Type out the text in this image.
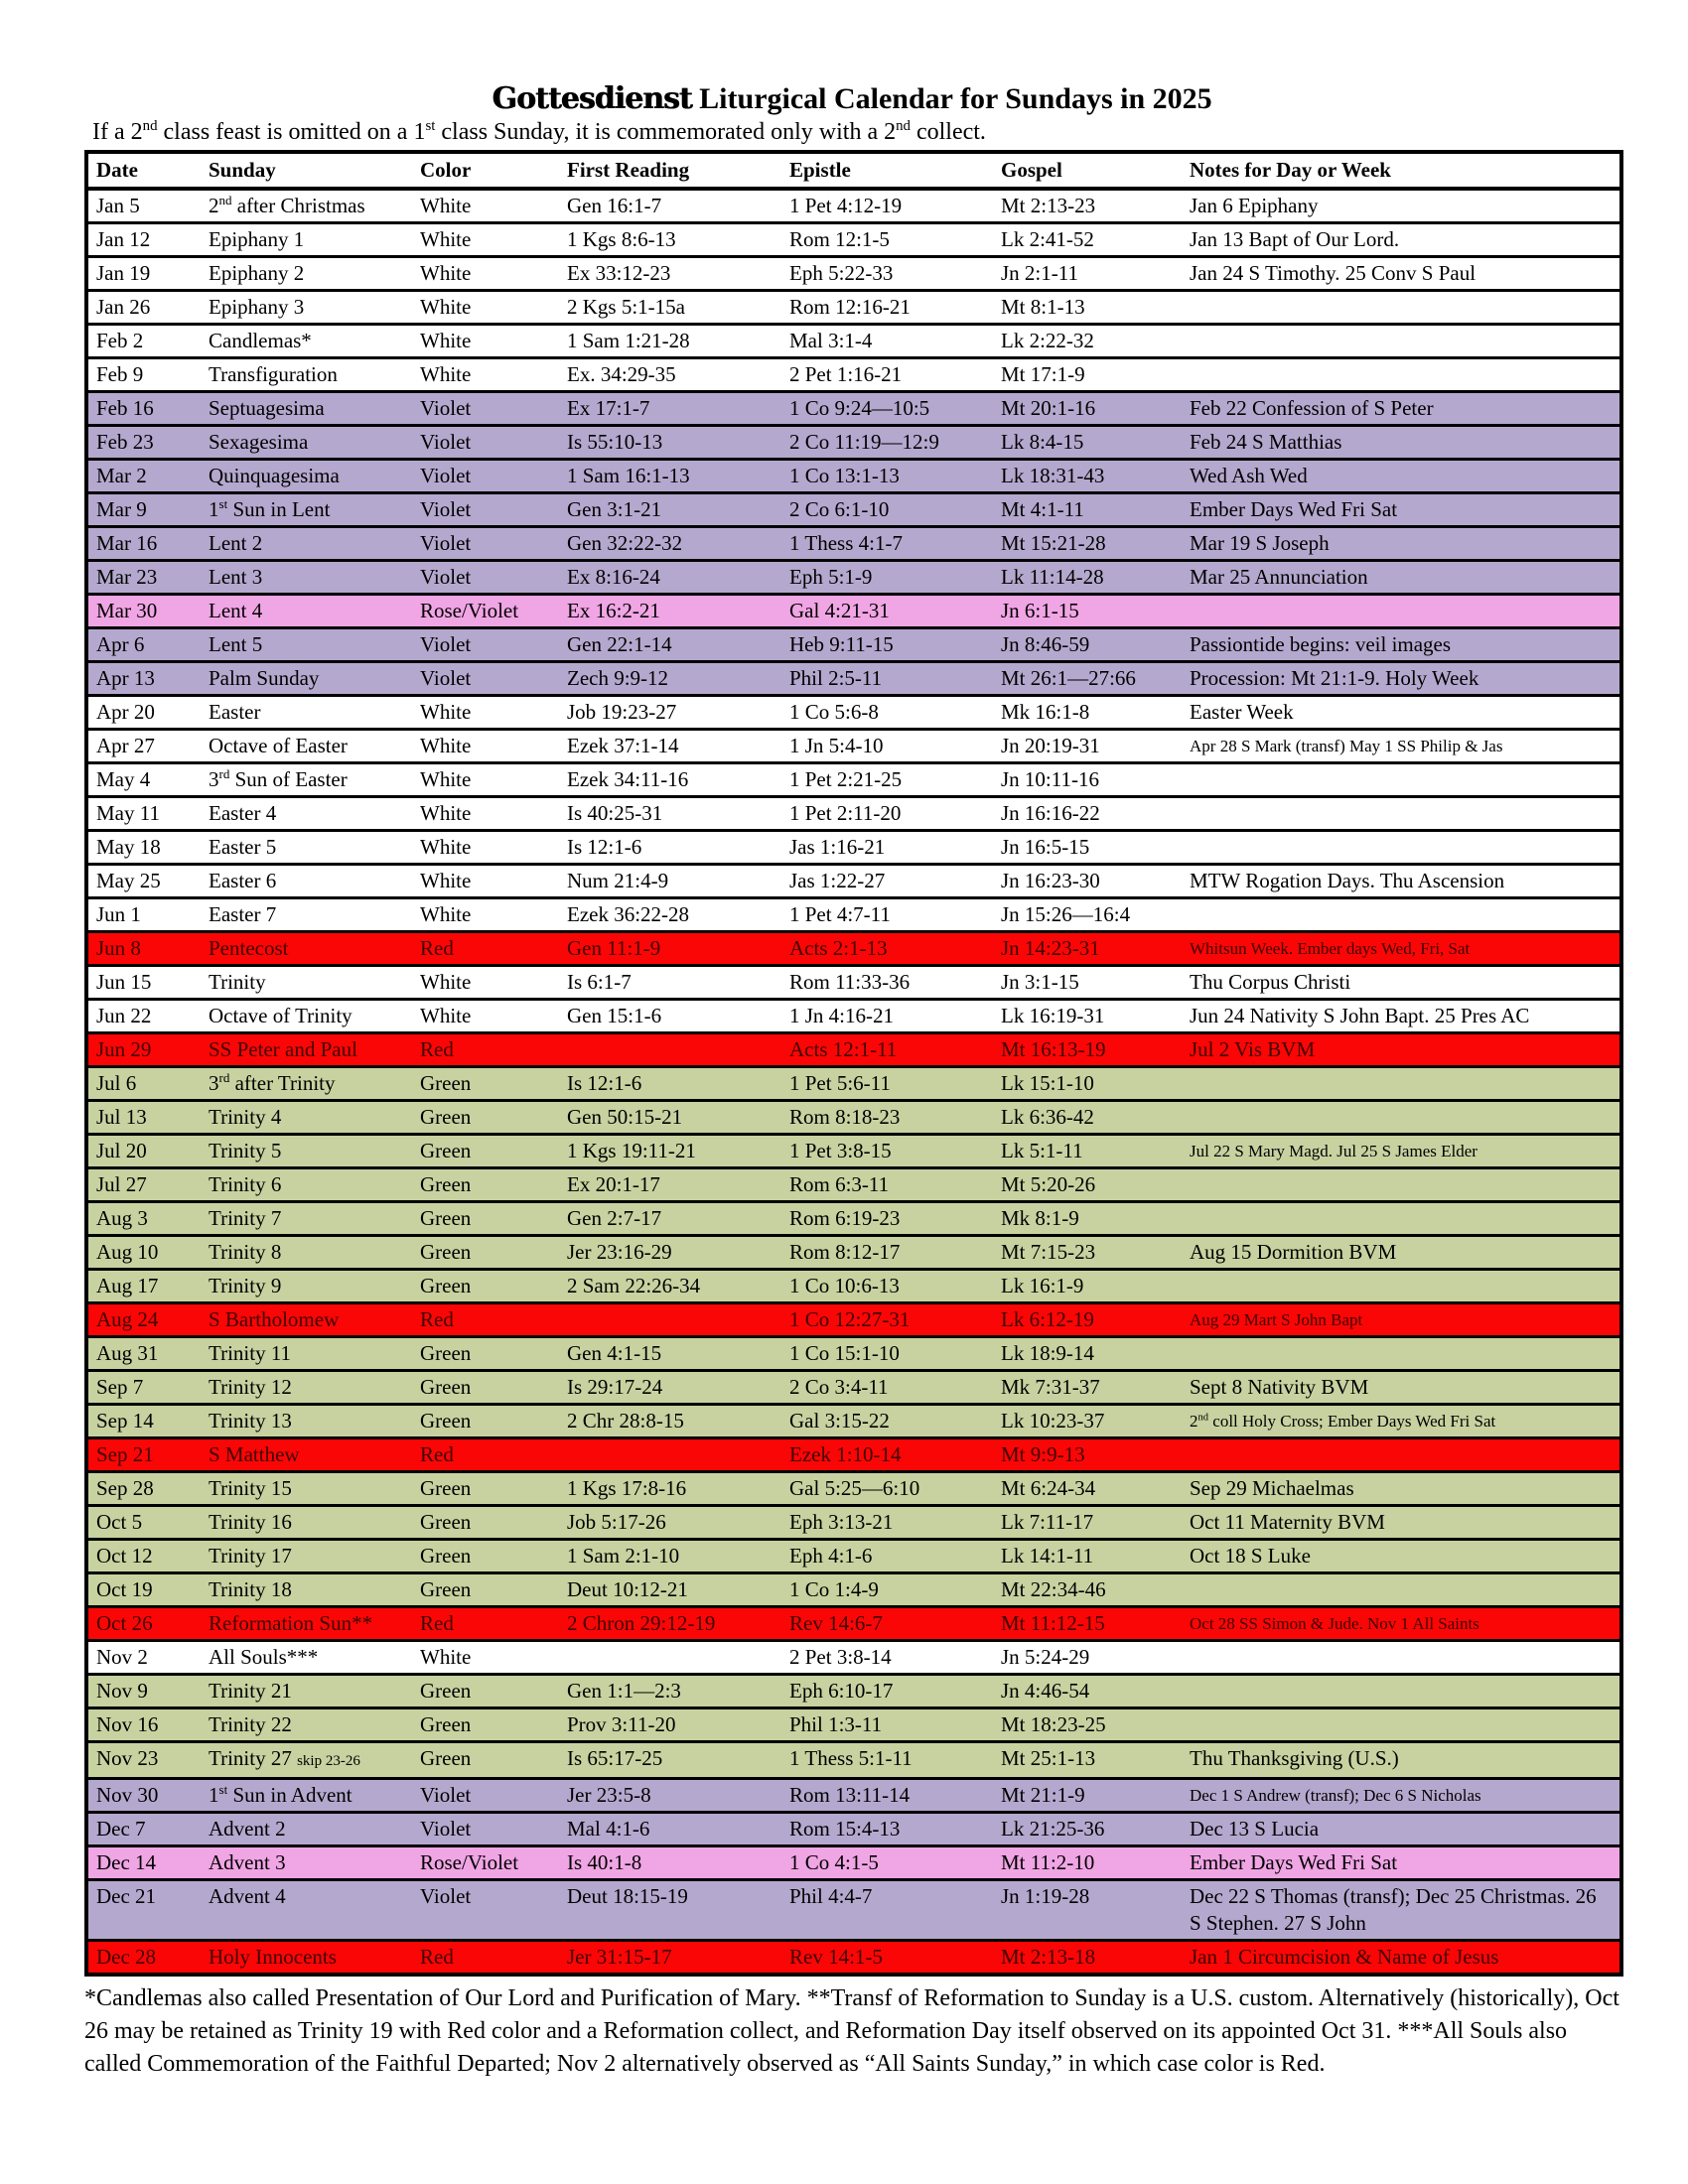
Gottesdienst Liturgical Calendar for Sundays in 2025

If a 2nd class feast is omitted on a 1st class Sunday, it is commemorated only with a 2nd collect.

Date	Sunday	Color	First Reading	Epistle	Gospel	Notes for Day or Week
Jan 5	2nd after Christmas	White	Gen 16:1-7	1 Pet 4:12-19	Mt 2:13-23	Jan 6 Epiphany
Jan 12	Epiphany 1	White	1 Kgs 8:6-13	Rom 12:1-5	Lk 2:41-52	Jan 13 Bapt of Our Lord.
Jan 19	Epiphany 2	White	Ex 33:12-23	Eph 5:22-33	Jn 2:1-11	Jan 24 S Timothy. 25 Conv S Paul
Jan 26	Epiphany 3	White	2 Kgs 5:1-15a	Rom 12:16-21	Mt 8:1-13	
Feb 2	Candlemas*	White	1 Sam 1:21-28	Mal 3:1-4	Lk 2:22-32	
Feb 9	Transfiguration	White	Ex. 34:29-35	2 Pet 1:16-21	Mt 17:1-9	
Feb 16	Septuagesima	Violet	Ex 17:1-7	1 Co 9:24—10:5	Mt 20:1-16	Feb 22 Confession of S Peter
Feb 23	Sexagesima	Violet	Is 55:10-13	2 Co 11:19—12:9	Lk 8:4-15	Feb 24 S Matthias
Mar 2	Quinquagesima	Violet	1 Sam 16:1-13	1 Co 13:1-13	Lk 18:31-43	Wed Ash Wed
Mar 9	1st Sun in Lent	Violet	Gen 3:1-21	2 Co 6:1-10	Mt 4:1-11	Ember Days Wed Fri Sat
Mar 16	Lent 2	Violet	Gen 32:22-32	1 Thess 4:1-7	Mt 15:21-28	Mar 19 S Joseph
Mar 23	Lent 3	Violet	Ex 8:16-24	Eph 5:1-9	Lk 11:14-28	Mar 25 Annunciation
Mar 30	Lent 4	Rose/Violet	Ex 16:2-21	Gal 4:21-31	Jn 6:1-15	
Apr 6	Lent 5	Violet	Gen 22:1-14	Heb 9:11-15	Jn 8:46-59	Passiontide begins: veil images
Apr 13	Palm Sunday	Violet	Zech 9:9-12	Phil 2:5-11	Mt 26:1—27:66	Procession: Mt 21:1-9. Holy Week
Apr 20	Easter	White	Job 19:23-27	1 Co 5:6-8	Mk 16:1-8	Easter Week
Apr 27	Octave of Easter	White	Ezek 37:1-14	1 Jn 5:4-10	Jn 20:19-31	Apr 28 S Mark (transf) May 1 SS Philip & Jas
May 4	3rd Sun of Easter	White	Ezek 34:11-16	1 Pet 2:21-25	Jn 10:11-16	
May 11	Easter 4	White	Is 40:25-31	1 Pet 2:11-20	Jn 16:16-22	
May 18	Easter 5	White	Is 12:1-6	Jas 1:16-21	Jn 16:5-15	
May 25	Easter 6	White	Num 21:4-9	Jas 1:22-27	Jn 16:23-30	MTW Rogation Days. Thu Ascension
Jun 1	Easter 7	White	Ezek 36:22-28	1 Pet 4:7-11	Jn 15:26—16:4	
Jun 8	Pentecost	Red	Gen 11:1-9	Acts 2:1-13	Jn 14:23-31	Whitsun Week. Ember days Wed, Fri, Sat
Jun 15	Trinity	White	Is 6:1-7	Rom 11:33-36	Jn 3:1-15	Thu Corpus Christi
Jun 22	Octave of Trinity	White	Gen 15:1-6	1 Jn 4:16-21	Lk 16:19-31	Jun 24 Nativity S John Bapt. 25 Pres AC
Jun 29	SS Peter and Paul	Red		Acts 12:1-11	Mt 16:13-19	Jul 2 Vis BVM
Jul 6	3rd after Trinity	Green	Is 12:1-6	1 Pet 5:6-11	Lk 15:1-10	
Jul 13	Trinity 4	Green	Gen 50:15-21	Rom 8:18-23	Lk 6:36-42	
Jul 20	Trinity 5	Green	1 Kgs 19:11-21	1 Pet 3:8-15	Lk 5:1-11	Jul 22 S Mary Magd. Jul 25 S James Elder
Jul 27	Trinity 6	Green	Ex 20:1-17	Rom 6:3-11	Mt 5:20-26	
Aug 3	Trinity 7	Green	Gen 2:7-17	Rom 6:19-23	Mk 8:1-9	
Aug 10	Trinity 8	Green	Jer 23:16-29	Rom 8:12-17	Mt 7:15-23	Aug 15 Dormition BVM
Aug 17	Trinity 9	Green	2 Sam 22:26-34	1 Co 10:6-13	Lk 16:1-9	
Aug 24	S Bartholomew	Red		1 Co 12:27-31	Lk 6:12-19	Aug 29 Mart S John Bapt
Aug 31	Trinity 11	Green	Gen 4:1-15	1 Co 15:1-10	Lk 18:9-14	
Sep 7	Trinity 12	Green	Is 29:17-24	2 Co 3:4-11	Mk 7:31-37	Sept 8 Nativity BVM
Sep 14	Trinity 13	Green	2 Chr 28:8-15	Gal 3:15-22	Lk 10:23-37	2nd coll Holy Cross; Ember Days Wed Fri Sat
Sep 21	S Matthew	Red		Ezek 1:10-14	Mt 9:9-13	
Sep 28	Trinity 15	Green	1 Kgs 17:8-16	Gal 5:25—6:10	Mt 6:24-34	Sep 29 Michaelmas
Oct 5	Trinity 16	Green	Job 5:17-26	Eph 3:13-21	Lk 7:11-17	Oct 11 Maternity BVM
Oct 12	Trinity 17	Green	1 Sam 2:1-10	Eph 4:1-6	Lk 14:1-11	Oct 18 S Luke
Oct 19	Trinity 18	Green	Deut 10:12-21	1 Co 1:4-9	Mt 22:34-46	
Oct 26	Reformation Sun**	Red	2 Chron 29:12-19	Rev 14:6-7	Mt 11:12-15	Oct 28 SS Simon & Jude. Nov 1 All Saints
Nov 2	All Souls***	White		2 Pet 3:8-14	Jn 5:24-29	
Nov 9	Trinity 21	Green	Gen 1:1—2:3	Eph 6:10-17	Jn 4:46-54	
Nov 16	Trinity 22	Green	Prov 3:11-20	Phil 1:3-11	Mt 18:23-25	
Nov 23	Trinity 27 skip 23-26	Green	Is 65:17-25	1 Thess 5:1-11	Mt 25:1-13	Thu Thanksgiving (U.S.)
Nov 30	1st Sun in Advent	Violet	Jer 23:5-8	Rom 13:11-14	Mt 21:1-9	Dec 1 S Andrew (transf); Dec 6 S Nicholas
Dec 7	Advent 2	Violet	Mal 4:1-6	Rom 15:4-13	Lk 21:25-36	Dec 13 S Lucia
Dec 14	Advent 3	Rose/Violet	Is 40:1-8	1 Co 4:1-5	Mt 11:2-10	Ember Days Wed Fri Sat
Dec 21	Advent 4	Violet	Deut 18:15-19	Phil 4:4-7	Jn 1:19-28	Dec 22 S Thomas (transf); Dec 25 Christmas. 26 S Stephen. 27 S John
Dec 28	Holy Innocents	Red	Jer 31:15-17	Rev 14:1-5	Mt 2:13-18	Jan 1 Circumcision & Name of Jesus

*Candlemas also called Presentation of Our Lord and Purification of Mary. **Transf of Reformation to Sunday is a U.S. custom. Alternatively (historically), Oct 26 may be retained as Trinity 19 with Red color and a Reformation collect, and Reformation Day itself observed on its appointed Oct 31. ***All Souls also called Commemoration of the Faithful Departed; Nov 2 alternatively observed as “All Saints Sunday,” in which case color is Red.
